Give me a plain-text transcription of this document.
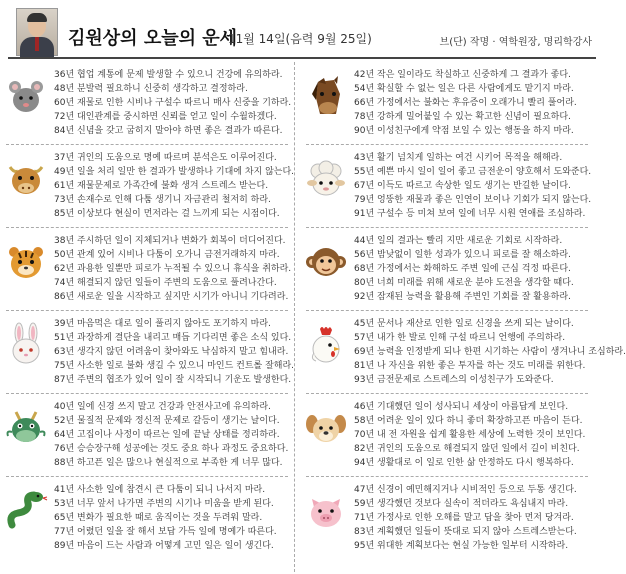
김원상의 오늘의 운세
11월 14일(음력 9월 25일)	브(단) 작명 · 역학원장, 명리학강사
36년 협업 계통에 문제 발생할 수 있으니 건강에 유의하라.
48년 분발력 필요하니 신중히 생각하고 결정하라.
60년 재물로 인한 시비나 구설수 따르니 매사 신중을 기하라.
72년 대인관계를 중시하면 신뢰를 얻고 일이 수월하겠다.
84년 신념을 갖고 굽히지 말아야 하면 좋은 결과가 따른다.
42년 작은 일이라도 착실하고 신중하게 그 결과가 좋다.
54년 확실할 수 없는 일은 다른 사람에게도 맡기지 마라.
66년 가정에서는 불화는 후유증이 오래가니 빨리 풀어라.
78년 강하게 밀어붙일 수 있는 확고한 신념이 필요하다.
90년 이성친구에게 약점 보일 수 있는 행동을 하지 마라.
37년 귀인의 도움으로 명예 따르며 분석은도 이루어진다.
49년 일을 처리 일만 한 결과가 발생하나 기대에 차지 않는다.
61년 재물문제로 가족간에 불화 생겨 스트레스 받는다.
73년 손재수로 인해 다툼 생기니 자금관리 철저히 하라.
85년 이상보다 현실이 먼저라는 걸 느끼게 되는 시점이다.
43년 활기 넘치게 일하는 여건 시키어 목적을 해해라.
55년 예쁜 마시 일이 일어 좋고 금전운이 양호해서 도와준다.
67년 이득도 따르고 속상한 일도 생기는 반길한 날이다.
79년 엉뚱한 재물과 좋은 인연이 보이나 기회가 되지 않는다.
91년 구설수 등 미쳐 보여 일에 너무 시원 연애를 조심하라.
38년 주시하던 일이 지체되거나 변화가 회복이 더디어진다.
50년 관계 있어 시비나 다툼이 오가니 금전거래하지 마라.
62년 과용한 일뿐만 피로가 누적될 수 있으니 휴식을 취하라.
74년 해결되지 않던 일들이 주변의 도움으로 풀려나간다.
86년 새로운 일을 시작하고 싶지만 시기가 아니니 기다려라.
44년 일의 결과는 빨리 지만 새로운 기회로 시작하라.
56년 밤낮없이 일한 성과가 있으니 피로를 잘 해소하라.
68년 가정에서는 화해하도 주변 일에 근심 걱정 따른다.
80년 너희 미래를 위해 새로운 분야 도전을 생각할 때다.
92년 잠재된 능력을 활용해 주변인 기회를 잘 활용하라.
39년 마음먹은 대로 일이 풀리지 않아도 포기하지 마라.
51년 과장하게 결단을 내리고 매듭 기다리면 좋은 소식 있다.
63년 생각지 않던 어려움이 찾아와도 낙심하지 말고 힘내라.
75년 사소한 일로 불화 생길 수 있으니 마인드 컨트롤 잘해라.
87년 주변의 협조가 있어 일이 잘 시작되니 기운도 발생한다.
45년 문서나 재산로 인한 일로 신경을 쓰게 되는 날이다.
57년 내가 한 발로 인해 구설 따르니 언행에 주의하라.
69년 능력을 인정받게 되나 한편 시기하는 사람이 생겨나니 조심하라.
81년 나 자신을 위한 좋은 투자를 하는 것도 미래를 위한다.
93년 금전문제로 스트레스의 이성친구가 도와준다.
40년 일에 신경 쓰지 말고 건강과 안전사고에 유의하라.
52년 물질적 문제와 정신적 문제로 갈등이 생기는 날이다.
64년 고집이나 사정이 따르는 일에 끝날 상태를 정리하라.
76년 승승장구해 성공에는 것도 중요 하나 과정도 중요하다.
88년 하고픈 일은 많으나 현실적으로 부족한 게 너무 많다.
46년 기대했던 일이 성사되니 세상이 아름답게 보인다.
58년 어려운 일이 있다 하니 좋더 확장하고픈 마음이 든다.
70년 내 전 자원을 쉽게 활용한 세상에 노력한 것이 보인다.
82년 귀인의 도움으로 해결되지 않던 일에서 길이 비친다.
94년 생활대로 이 일로 인한 삶 안정하도 다시 행복하다.
41년 사소한 일에 참견시 큰 다툼이 되니 나서지 마라.
53년 너무 앞서 나가면 주변의 시기나 미움을 받게 된다.
65년 변화가 필요한 때로 움직이는 것을 두려워 말라.
77년 어렸던 일을 잘 해서 보답 가득 일에 명예가 따른다.
89년 마음이 드는 사람과 어떻게 고민 일은 일이 생긴다.
47년 신경이 예민해지거나 시비적인 등으로 두통 생긴다.
59년 생각했던 것보다 실속이 적더라도 욕심내지 마라.
71년 가정사로 인한 오해를 말고 답을 찾아 먼저 당겨라.
83년 계획했던 일들이 뜻대로 되지 않아 스트레스받는다.
95년 위대한 계획보다는 현실 가능한 일부터 시작하라.
